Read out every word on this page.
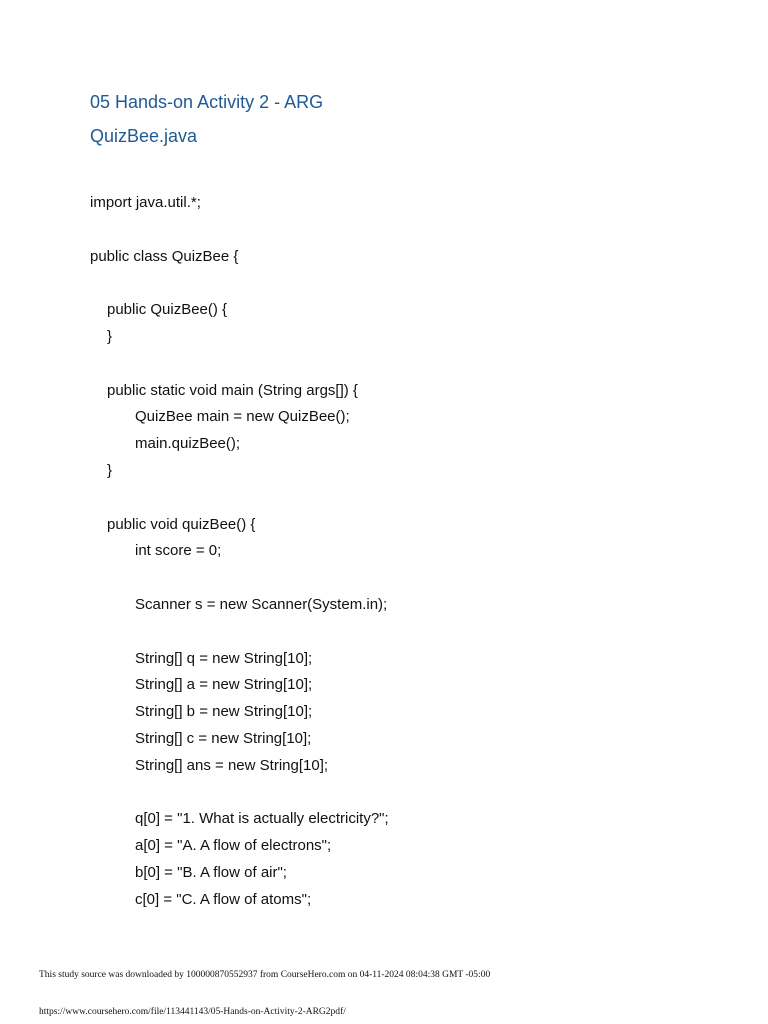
05 Hands-on Activity 2 - ARG
QuizBee.java
import java.util.*;
public class QuizBee {
public QuizBee() {
}
public static void main (String args[]) {
QuizBee main = new QuizBee();
main.quizBee();
}
public void quizBee() {
int score = 0;
Scanner s = new Scanner(System.in);
String[] q = new String[10];
String[] a = new String[10];
String[] b = new String[10];
String[] c = new String[10];
String[] ans = new String[10];
q[0] = "1. What is actually electricity?";
a[0] = "A. A flow of electrons";
b[0] = "B. A flow of air";
c[0] = "C. A flow of atoms";
This study source was downloaded by 100000870552937 from CourseHero.com on 04-11-2024 08:04:38 GMT -05:00
https://www.coursehero.com/file/113441143/05-Hands-on-Activity-2-ARG2pdf/
